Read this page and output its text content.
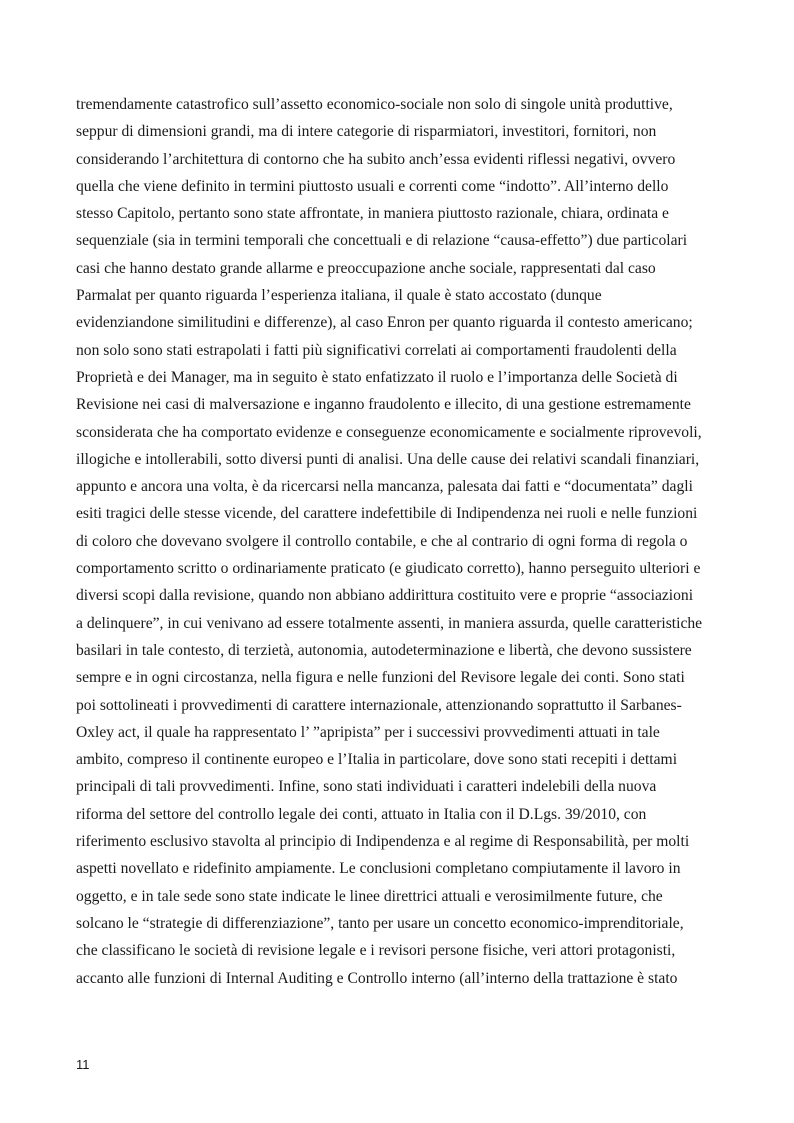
tremendamente catastrofico sull’assetto economico-sociale non solo di singole unità produttive,
seppur di dimensioni grandi, ma di intere categorie di risparmiatori, investitori, fornitori, non
considerando l’architettura di contorno che ha subito anch’essa evidenti riflessi negativi, ovvero
quella che viene definito in termini piuttosto usuali e correnti come “indotto”. All’interno dello
stesso Capitolo, pertanto sono state affrontate, in maniera piuttosto razionale, chiara, ordinata e
sequenziale (sia in termini temporali che concettuali e di relazione “causa-effetto”) due particolari
casi che hanno destato grande allarme e preoccupazione anche sociale, rappresentati dal caso
Parmalat per quanto riguarda l’esperienza italiana, il quale è stato accostato (dunque
evidenziandone similitudini e differenze), al caso Enron per quanto riguarda il contesto americano;
non solo sono stati estrapolati i fatti più significativi correlati ai comportamenti fraudolenti della
Proprietà e dei Manager, ma in seguito è stato enfatizzato il ruolo e l’importanza delle Società di
Revisione nei casi di malversazione e inganno fraudolento e illecito, di una gestione estremamente
sconsiderata che ha comportato evidenze e conseguenze economicamente e socialmente riprovevoli,
illogiche e intollerabili, sotto diversi punti di analisi. Una delle cause dei relativi scandali finanziari,
appunto e ancora una volta, è da ricercarsi nella mancanza, palesata dai fatti e “documentata” dagli
esiti tragici delle stesse vicende, del carattere indefettibile di Indipendenza nei ruoli e nelle funzioni
di coloro che dovevano svolgere il controllo contabile, e che al contrario di ogni forma di regola o
comportamento scritto o ordinariamente praticato (e giudicato corretto), hanno perseguito ulteriori e
diversi scopi dalla revisione, quando non abbiano addirittura costituito vere e proprie “associazioni
a delinquere”, in cui venivano ad essere totalmente assenti, in maniera assurda, quelle caratteristiche
basilari in tale contesto, di terzietà, autonomia, autodeterminazione e libertà, che devono sussistere
sempre e in ogni circostanza, nella figura e nelle funzioni del Revisore legale dei conti. Sono stati
poi sottolineati i provvedimenti di carattere internazionale, attenzionando soprattutto il Sarbanes-
Oxley act, il quale ha rappresentato l’ ”apripista” per i successivi provvedimenti attuati in tale
ambito, compreso il continente europeo e l’Italia in particolare, dove sono stati recepiti i dettami
principali di tali provvedimenti. Infine, sono stati individuati i caratteri indelebili della nuova
riforma del settore del controllo legale dei conti, attuato in Italia con il D.Lgs. 39/2010, con
riferimento esclusivo stavolta al principio di Indipendenza e al regime di Responsabilità, per molti
aspetti novellato e ridefinito ampiamente. Le conclusioni completano compiutamente il lavoro in
oggetto, e in tale sede sono state indicate le linee direttrici attuali e verosimilmente future, che
solcano le “strategie di differenziazione”, tanto per usare un concetto economico-imprenditoriale,
che classificano le società di revisione legale e i revisori persone fisiche, veri attori protagonisti,
accanto alle funzioni di Internal Auditing e Controllo interno (all’interno della trattazione è stato
11
